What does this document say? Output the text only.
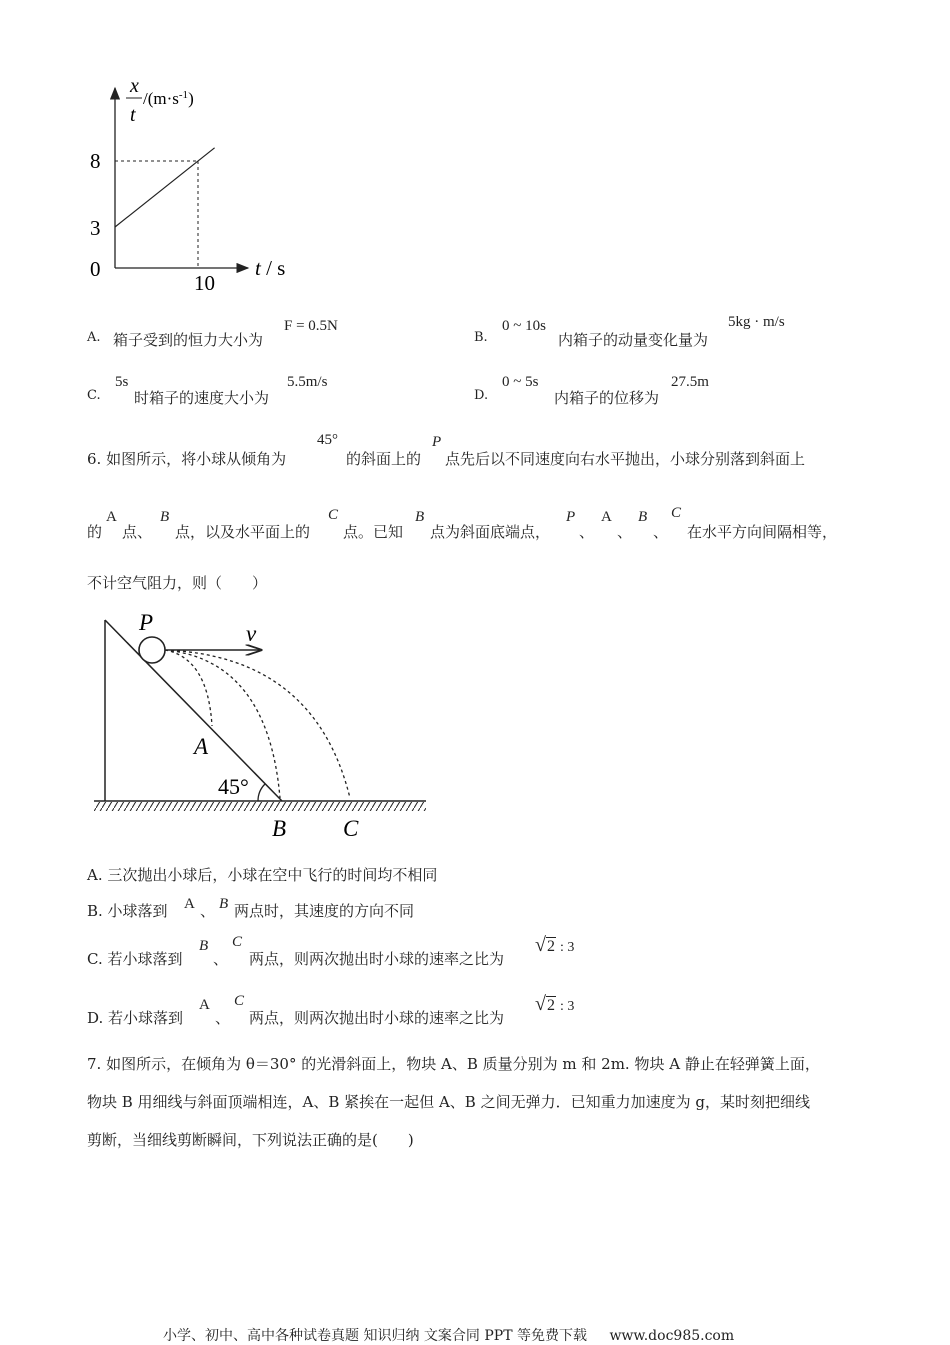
x
t
$/(m\cdot s^{-1})$
8
3
0
10
t / s
A. 箱子受到的恒力大小为
F = 0.5N
B.
0 ~ 10s
内箱子的动量变化量为
5kg · m/s
C.
5s
时箱子的速度大小为
5.5m/s
D.
0 ~ 5s
内箱子的位移为
27.5m
6. 如图所示，将小球从倾角为
45°
的斜面上的
P
点先后以不同速度向右水平抛出，小球分别落到斜面上
的
A
点、
B
点，以及水平面上的
C
点。已知
B
点为斜面底端点，
P
、
A
、
B
、
C
在水平方向间隔相等，
不计空气阻力，则（　　）
P	v
A
45°
B C
A. 三次抛出小球后，小球在空中飞行的时间均不相同
B. 小球落到 A 、 B 两点时，其速度的方向不同
C. 若小球落到
B
、
C
两点，则两次抛出时小球的速率之比为
√2 : 3
D. 若小球落到
A
、
C
两点，则两次抛出时小球的速率之比为
√2 : 3
7. 如图所示，在倾角为 θ＝30° 的光滑斜面上，物块 A、B 质量分别为 m 和 2m. 物块 A 静止在轻弹簧上面，
物块 B 用细线与斜面顶端相连，A、B 紧挨在一起但 A、B 之间无弹力．已知重力加速度为 g，某时刻把细线
剪断，当细线剪断瞬间，下列说法正确的是(　　)
小学、初中、高中各种试卷真题 知识归纳 文案合同 PPT 等免费下载 www.doc985.com
